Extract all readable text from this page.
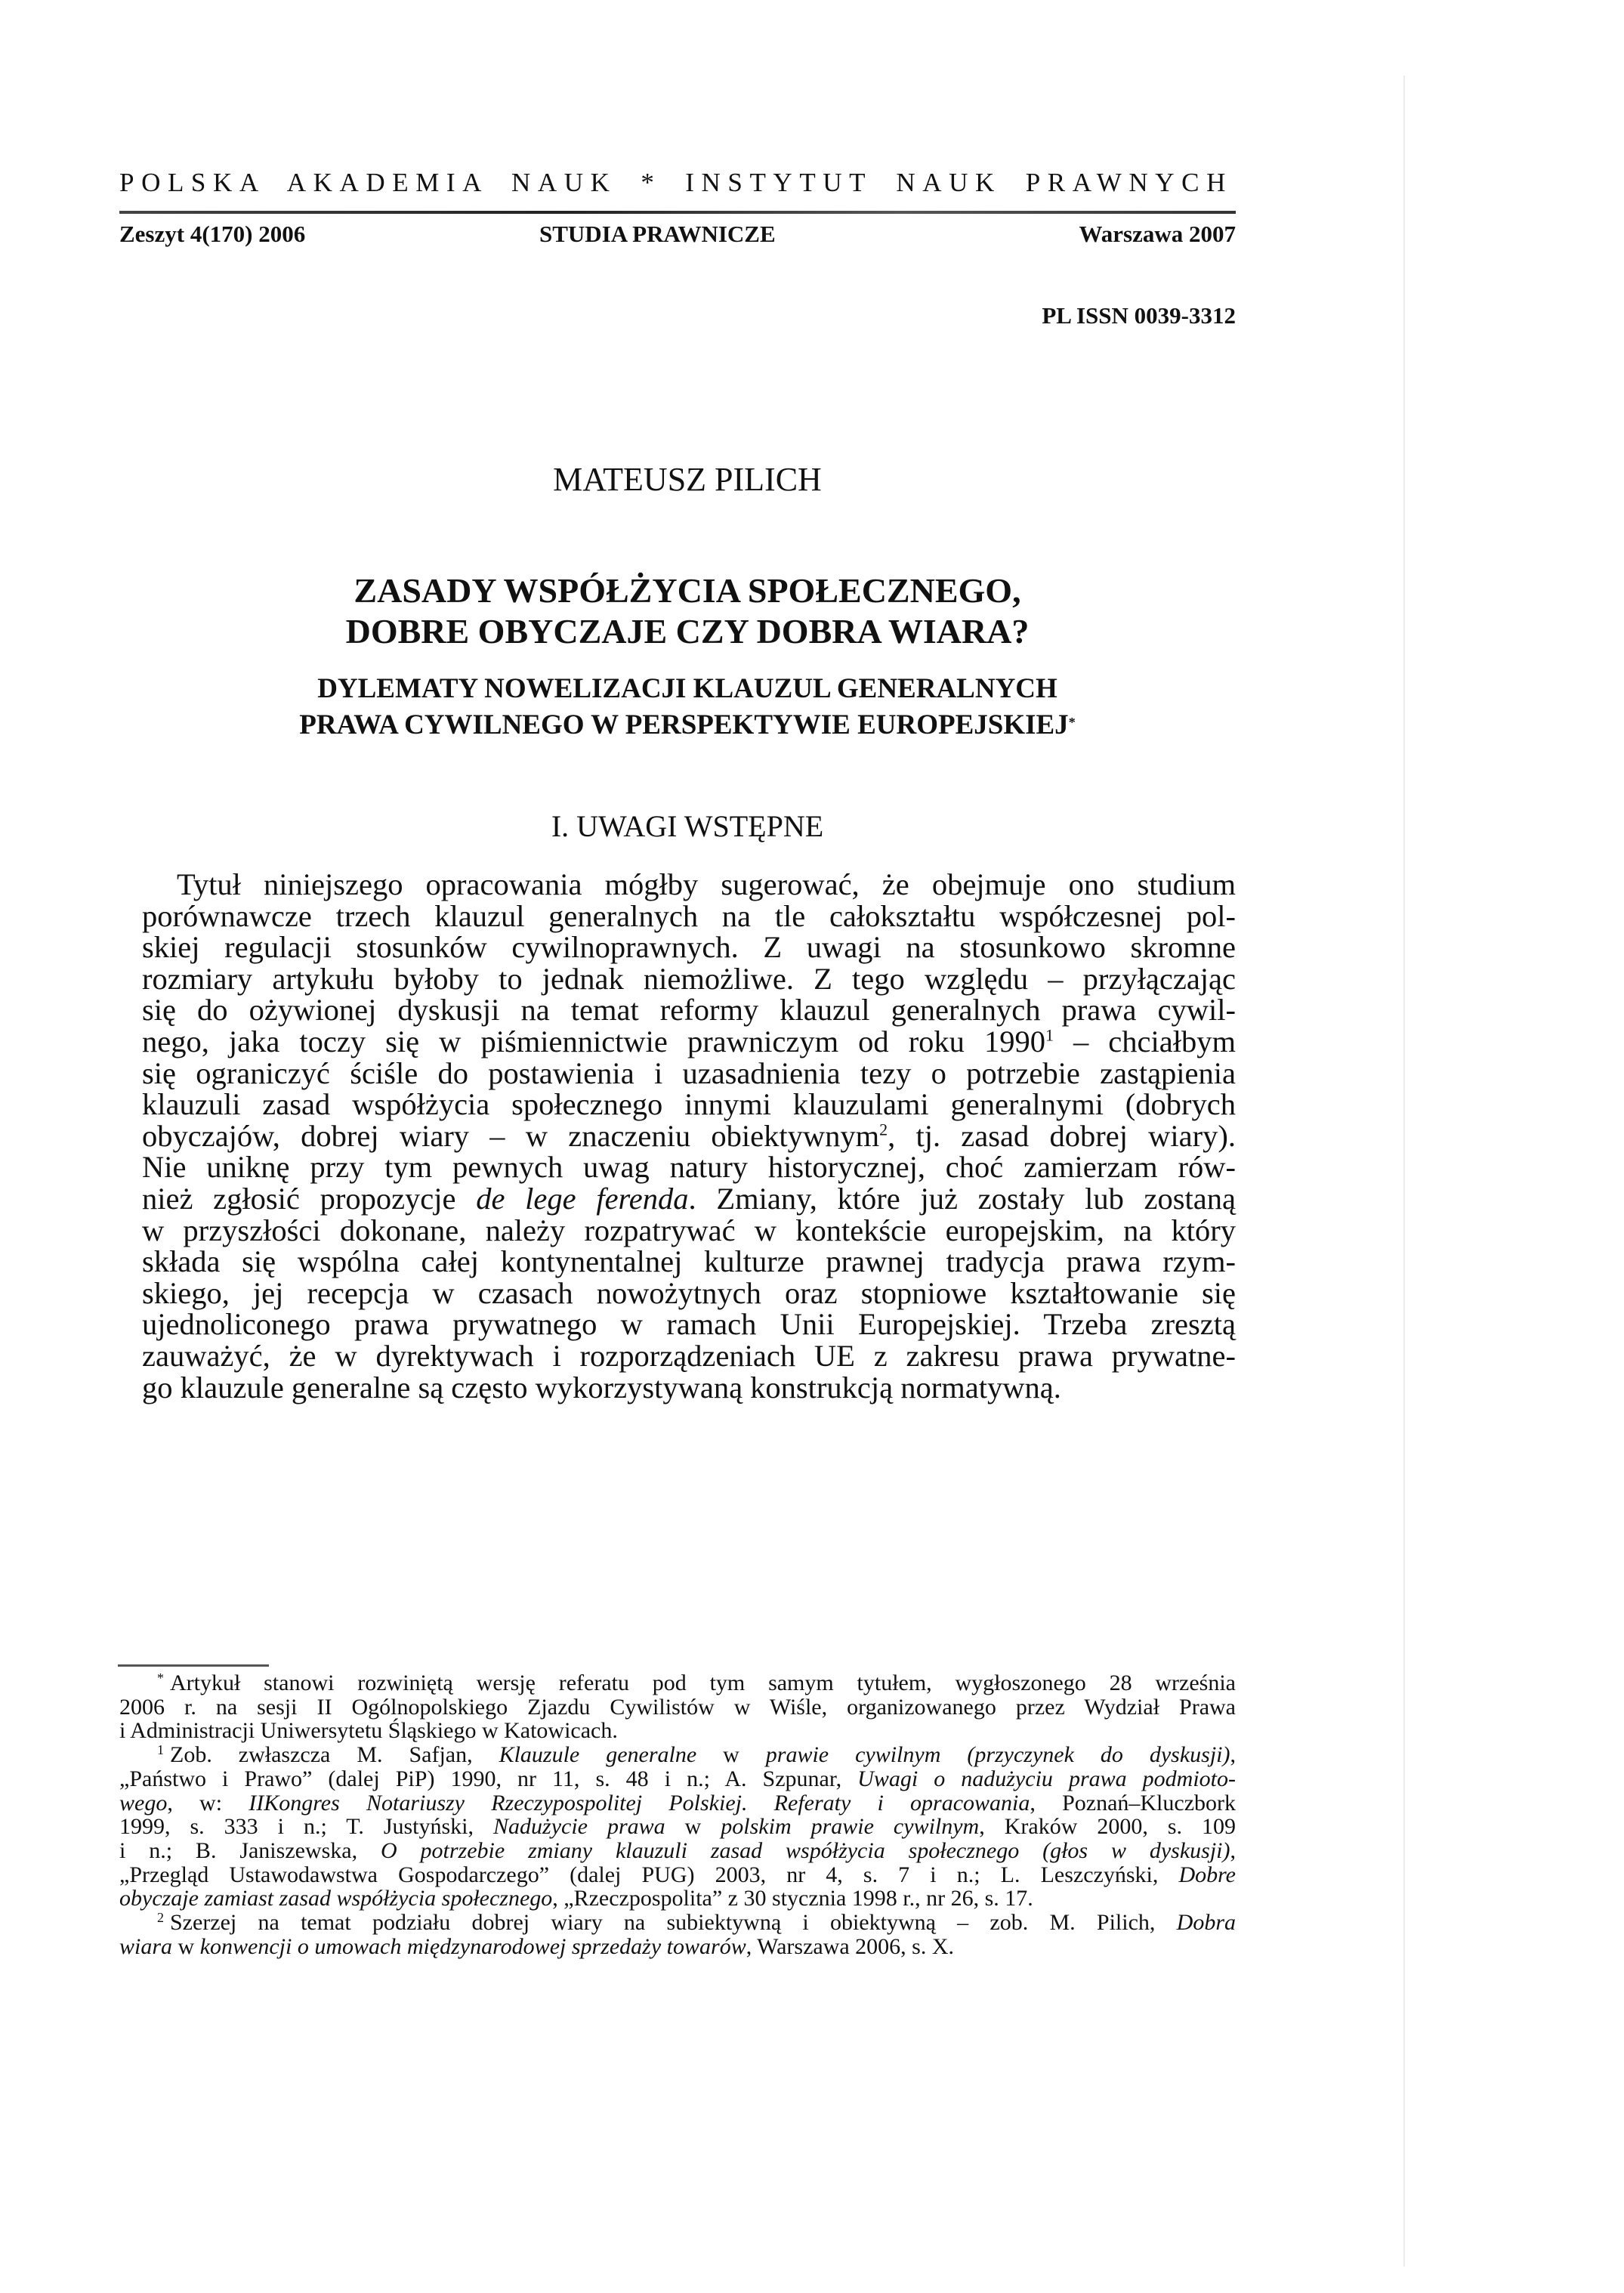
POLSKA AKADEMIA NAUK * INSTYTUT NAUK PRAWNYCH
Zeszyt 4(170) 2006	STUDIA PRAWNICZE	Warszawa 2007
PL ISSN 0039-3312
MATEUSZ PILICH
ZASADY WSPÓŁŻYCIA SPOŁECZNEGO,
DOBRE OBYCZAJE CZY DOBRA WIARA?
DYLEMATY NOWELIZACJI KLAUZUL GENERALNYCH
PRAWA CYWILNEGO W PERSPEKTYWIE EUROPEJSKIEJ*
I. UWAGI WSTĘPNE
Tytuł niniejszego opracowania mógłby sugerować, że obejmuje ono studium
porównawcze trzech klauzul generalnych na tle całokształtu współczesnej pol-
skiej regulacji stosunków cywilnoprawnych. Z uwagi na stosunkowo skromne
rozmiary artykułu byłoby to jednak niemożliwe. Z tego względu – przyłączając
się do ożywionej dyskusji na temat reformy klauzul generalnych prawa cywil-
nego, jaka toczy się w piśmiennictwie prawniczym od roku 1990$^1$ – chciałbym
się ograniczyć ściśle do postawienia i uzasadnienia tezy o potrzebie zastąpienia
klauzuli zasad współżycia społecznego innymi klauzulami generalnymi (dobrych
obyczajów, dobrej wiary – w znaczeniu obiektywnym$^2$, tj. zasad dobrej wiary).
Nie uniknę przy tym pewnych uwag natury historycznej, choć zamierzam rów-
nież zgłosić propozycje de lege ferenda. Zmiany, które już zostały lub zostaną
w przyszłości dokonane, należy rozpatrywać w kontekście europejskim, na który
składa się wspólna całej kontynentalnej kulturze prawnej tradycja prawa rzym-
skiego, jej recepcja w czasach nowożytnych oraz stopniowe kształtowanie się
ujednoliconego prawa prywatnego w ramach Unii Europejskiej. Trzeba zresztą
zauważyć, że w dyrektywach i rozporządzeniach UE z zakresu prawa prywatne-
go klauzule generalne są często wykorzystywaną konstrukcją normatywną.
* Artykuł stanowi rozwiniętą wersję referatu pod tym samym tytułem, wygłoszonego 28 września
2006 r. na sesji II Ogólnopolskiego Zjazdu Cywilistów w Wiśle, organizowanego przez Wydział Prawa
i Administracji Uniwersytetu Śląskiego w Katowicach.
$^1$ Zob. zwłaszcza M. Safjan, Klauzule generalne w prawie cywilnym (przyczynek do dyskusji),
„Państwo i Prawo” (dalej PiP) 1990, nr 11, s. 48 i n.; A. Szpunar, Uwagi o nadużyciu prawa podmioto-
wego, w: IIKongres Notariuszy Rzeczypospolitej Polskiej. Referaty i opracowania, Poznań–Kluczbork
1999, s. 333 i n.; T. Justyński, Nadużycie prawa w polskim prawie cywilnym, Kraków 2000, s. 109
i n.; B. Janiszewska, O potrzebie zmiany klauzuli zasad współżycia społecznego (głos w dyskusji),
„Przegląd Ustawodawstwa Gospodarczego” (dalej PUG) 2003, nr 4, s. 7 i n.; L. Leszczyński, Dobre
obyczaje zamiast zasad współżycia społecznego, „Rzeczpospolita” z 30 stycznia 1998 r., nr 26, s. 17.
$^2$ Szerzej na temat podziału dobrej wiary na subiektywną i obiektywną – zob. M. Pilich, Dobra
wiara w konwencji o umowach międzynarodowej sprzedaży towarów, Warszawa 2006, s. X.
